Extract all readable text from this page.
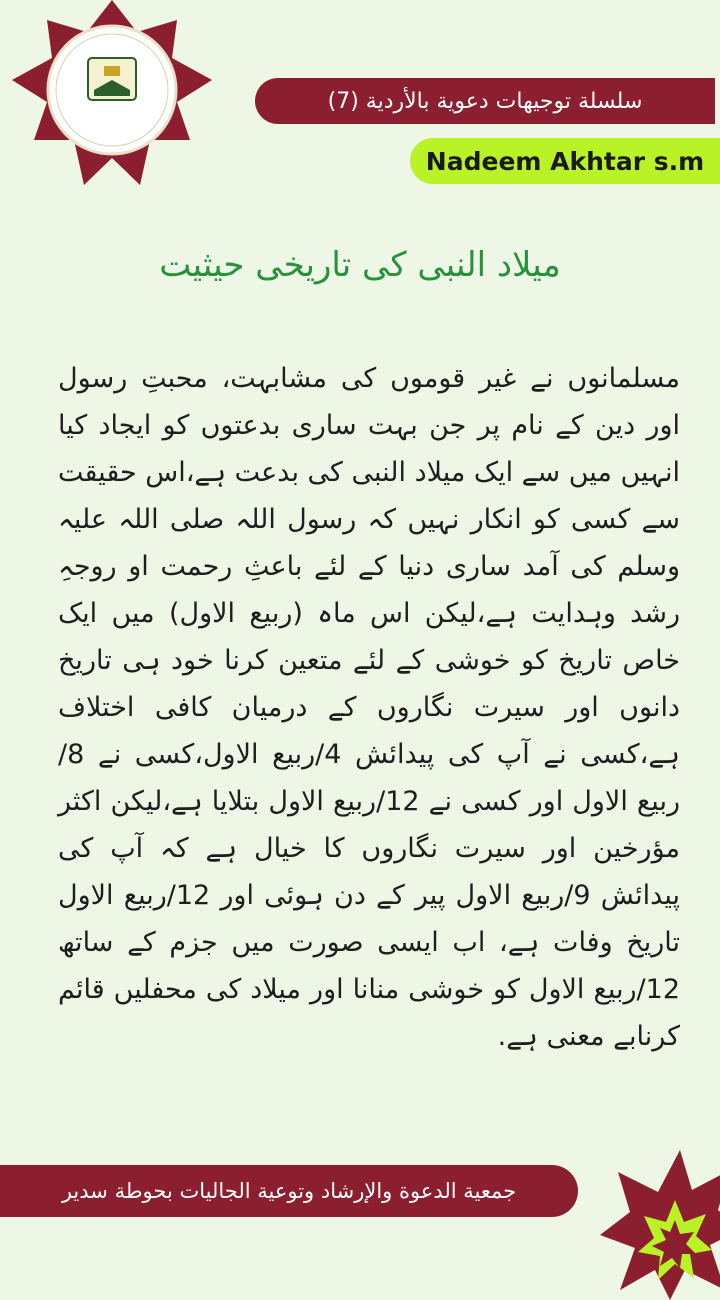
سلسلة توجيهات دعوية بالأردية (7)
Nadeem Akhtar s.m
میلاد النبی کی تاریخی حیثیت
مسلمانوں نے غیر قوموں کی مشابہت، محبتِ رسول اور دین کے نام پر جن بہت ساری بدعتوں کو ایجاد کیا انہیں میں سے ایک میلاد النبی کی بدعت ہے،اس حقیقت سے کسی کو انکار نہیں کہ رسول اللہ صلی اللہ علیہ وسلم کی آمد ساری دنیا کے لئے باعثِ رحمت او روجہِ رشد وہدایت ہے،لیکن اس ماہ (ربیع الاول) میں ایک خاص تاریخ کو خوشی کے لئے متعین کرنا خود ہی تاریخ دانوں اور سیرت نگاروں کے درمیان کافی اختلاف ہے،کسی نے آپ کی پیدائش 4/ربیع الاول،کسی نے 8/ربیع الاول اور کسی نے 12/ربیع الاول بتلایا ہے،لیکن اکثر مؤرخین اور سیرت نگاروں کا خیال ہے کہ آپ کی پیدائش 9/ربیع الاول پیر کے دن ہوئی اور 12/ربیع الاول تاریخ وفات ہے، اب ایسی صورت میں جزم کے ساتھ 12/ربیع الاول کو خوشی منانا اور میلاد کی محفلیں قائم کرنابے معنی ہے.
جمعية الدعوة والإرشاد وتوعية الجاليات بحوطة سدير
